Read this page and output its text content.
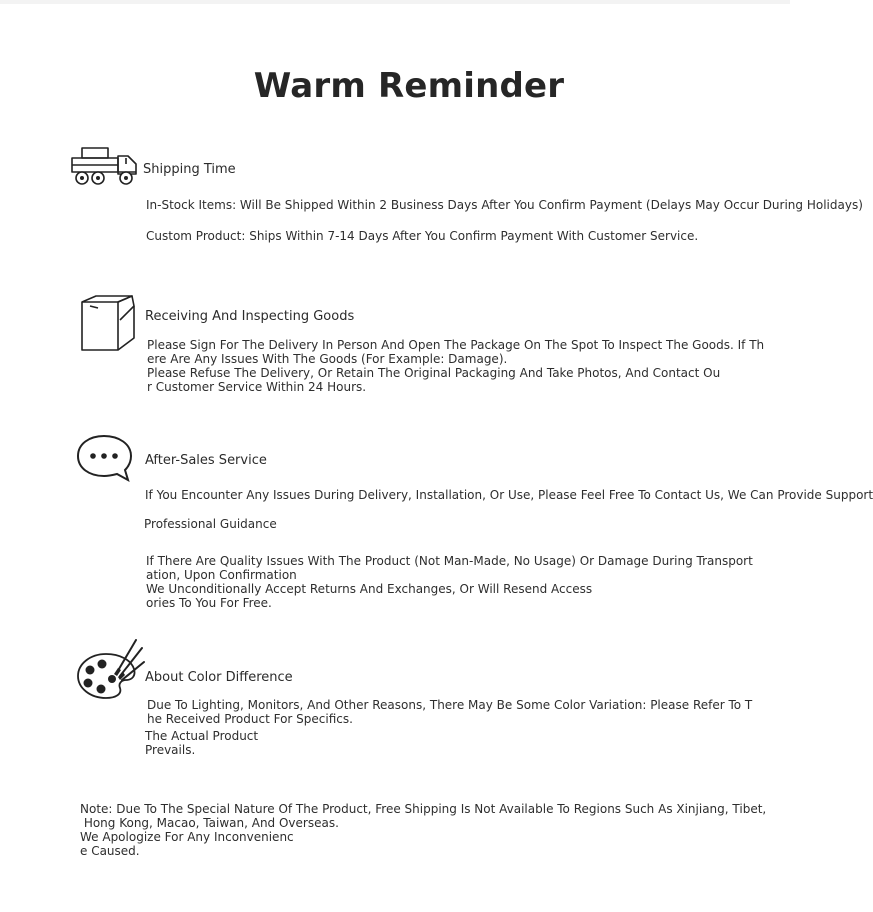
Warm Reminder
Shipping Time
In-Stock Items: Will Be Shipped Within 2 Business Days After You Confirm Payment (Delays May Occur During Holidays)
Custom Product: Ships Within 7-14 Days After You Confirm Payment With Customer Service.
Receiving And Inspecting Goods
Please Sign For The Delivery In Person And Open The Package On The Spot To Inspect The Goods. If Th
ere Are Any Issues With The Goods (For Example: Damage).
Please Refuse The Delivery, Or Retain The Original Packaging And Take Photos, And Contact Ou
r Customer Service Within 24 Hours.
After-Sales Service
If You Encounter Any Issues During Delivery, Installation, Or Use, Please Feel Free To Contact Us, We Can Provide Support
Professional Guidance
If There Are Quality Issues With The Product (Not Man-Made, No Usage) Or Damage During Transport
ation, Upon Confirmation
We Unconditionally Accept Returns And Exchanges, Or Will Resend Access
ories To You For Free.
About Color Difference
Due To Lighting, Monitors, And Other Reasons, There May Be Some Color Variation: Please Refer To T
he Received Product For Specifics.
The Actual Product
Prevails.
Note: Due To The Special Nature Of The Product, Free Shipping Is Not Available To Regions Such As Xinjiang, Tibet,
Hong Kong, Macao, Taiwan, And Overseas.
We Apologize For Any Inconvenienc
e Caused.
